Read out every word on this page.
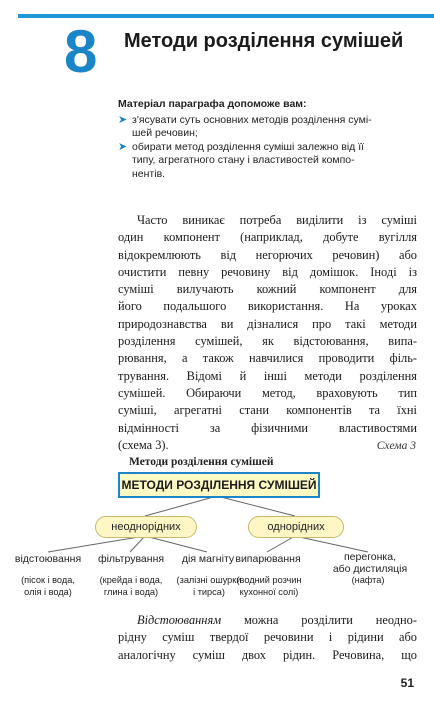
8 Методи розділення сумішей
Матеріал параграфа допоможе вам:
➤ з'ясувати суть основних методів розділення сумі-
шей речовин;
➤ обирати метод розділення суміші залежно від її
типу, агрегатного стану і властивостей компо-
нентів.
Часто виникає потреба виділити із суміші
один компонент (наприклад, добуте вугілля
відокремлюють від негорючих речовин) або
очистити певну речовину від домішок. Іноді із
суміші вилучають кожний компонент для
його подальшого використання. На уроках
природознавства ви дізналися про такі методи
розділення сумішей, як відстоювання, випа-
рювання, а також навчилися проводити філь-
трування. Відомі й інші методи розділення
сумішей. Обираючи метод, враховують тип
суміші, агрегатні стани компонентів та їхні
відмінності за фізичними властивостями
(схема 3).	Схема 3
Методи розділення сумішей
МЕТОДИ РОЗДІЛЕННЯ СУМІШЕЙ
неоднорідних	однорідних
відстоювання	фільтрування	дія магніту випарювання	перегонка,
або дистиляція
(пісок і вода,
олія і вода)
(крейда і вода,
глина і вода)
(залізні ошурки
і тирса)
(водний розчин
кухонної солі)
(нафта)
Відстоюванням можна розділити неодно-
рідну суміш твердої речовини і рідини або
аналогічну суміш двох рідин. Речовина, що
51
